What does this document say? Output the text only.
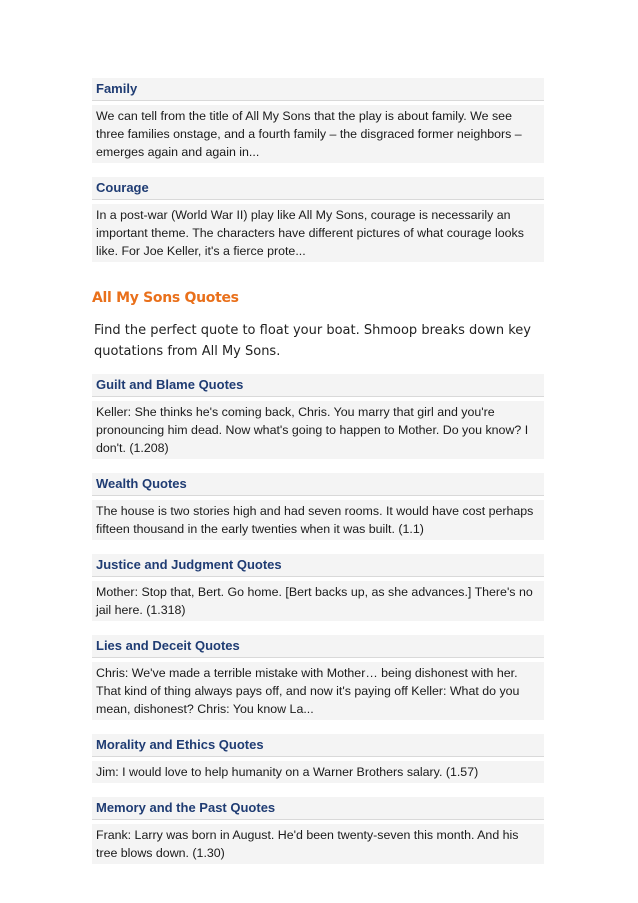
Family
We can tell from the title of All My Sons that the play is about family. We see three families onstage, and a fourth family – the disgraced former neighbors – emerges again and again in...
Courage
In a post-war (World War II) play like All My Sons, courage is necessarily an important theme. The characters have different pictures of what courage looks like. For Joe Keller, it's a fierce prote...
All My Sons Quotes
Find the perfect quote to float your boat. Shmoop breaks down key quotations from All My Sons.
Guilt and Blame Quotes
Keller: She thinks he's coming back, Chris. You marry that girl and you're pronouncing him dead. Now what's going to happen to Mother. Do you know? I don't. (1.208)
Wealth Quotes
The house is two stories high and had seven rooms. It would have cost perhaps fifteen thousand in the early twenties when it was built. (1.1)
Justice and Judgment Quotes
Mother: Stop that, Bert. Go home. [Bert backs up, as she advances.] There's no jail here. (1.318)
Lies and Deceit Quotes
Chris: We've made a terrible mistake with Mother… being dishonest with her. That kind of thing always pays off, and now it's paying off Keller: What do you mean, dishonest? Chris: You know La...
Morality and Ethics Quotes
Jim: I would love to help humanity on a Warner Brothers salary. (1.57)
Memory and the Past Quotes
Frank: Larry was born in August. He'd been twenty-seven this month. And his tree blows down. (1.30)
